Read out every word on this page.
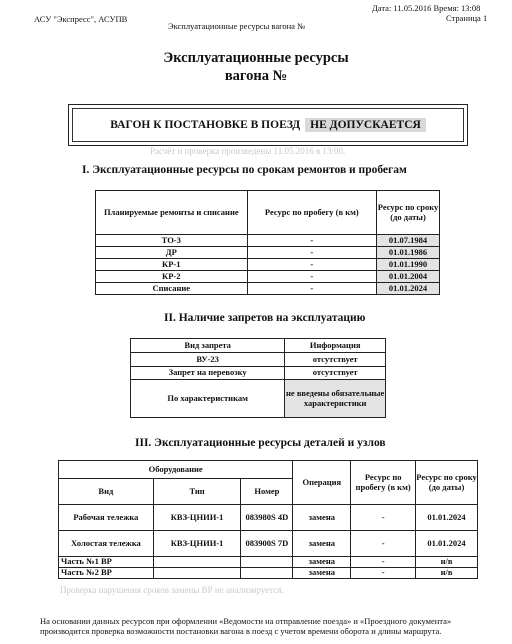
АСУ "Экспресс", АСУПВ
Эксплуатационные ресурсы вагона №
Дата: 11.05.2016 Время: 13:08
Страница 1
Эксплуатационные ресурсы
вагона №
ВАГОН К ПОСТАНОВКЕ В ПОЕЗД НЕ ДОПУСКАЕТСЯ
Расчёт и проверка произведены 11.05.2016 в 13:00.
I. Эксплуатационные ресурсы по срокам ремонтов и пробегам
Планируемые ремонты и списание	Ресурс по пробегу (в км)	Ресурс по сроку (до даты)
ТО-3	-	01.07.1984
ДР	-	01.01.1986
КР-1	-	01.01.1990
КР-2	-	01.01.2004
Списание	-	01.01.2024
II. Наличие запретов на эксплуатацию
Вид запрета	Информация
ВУ-23	отсутствует
Запрет на перевозку	отсутствует
По характеристикам	не введены обязательные характеристики
III. Эксплуатационные ресурсы деталей и узлов
Оборудование			Операция	Ресурс по пробегу (в км)	Ресурс по сроку (до даты)
Вид	Тип	Номер			
Рабочая тележка	КВЗ-ЦНИИ-1	083980S 4D	замена	-	01.01.2024
Холостая тележка	КВЗ-ЦНИИ-1	083900S 7D	замена	-	01.01.2024
Часть №1 ВР			замена	-	н/в
Часть №2 ВР			замена	-	н/в
Проверка нарушения сроков замены ВР не анализируется.
На основании данных ресурсов при оформлении «Ведомости на отправление поезда» и «Проездного документа»
производится проверка возможности постановки вагона в поезд с учетом времени оборота и длины маршрута.
